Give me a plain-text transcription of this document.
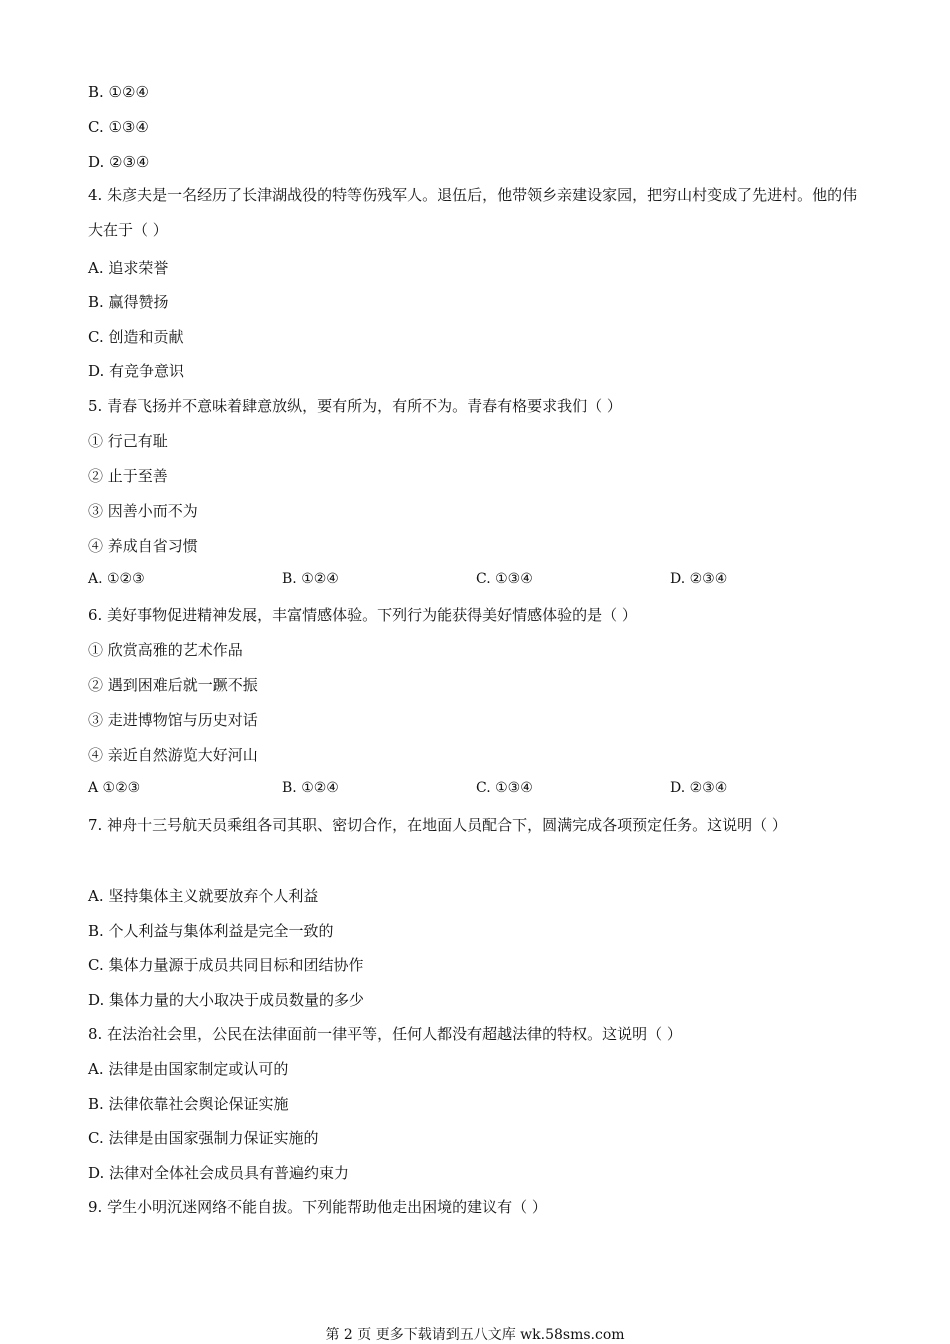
B. ①②④
C. ①③④
D. ②③④
4. 朱彦夫是一名经历了长津湖战役的特等伤残军人。退伍后，他带领乡亲建设家园，把穷山村变成了先进村。他的伟大在于（ ）
A. 追求荣誉
B. 赢得赞扬
C. 创造和贡献
D. 有竞争意识
5. 青春飞扬并不意味着肆意放纵，要有所为，有所不为。青春有格要求我们（ ）
① 行己有耻
② 止于至善
③ 因善小而不为
④ 养成自省习惯
A. ①②③	B. ①②④	C. ①③④	D. ②③④
6. 美好事物促进精神发展，丰富情感体验。下列行为能获得美好情感体验的是（ ）
① 欣赏高雅的艺术作品
② 遇到困难后就一蹶不振
③ 走进博物馆与历史对话
④ 亲近自然游览大好河山
A ①②③	B. ①②④	C. ①③④	D. ②③④
7. 神舟十三号航天员乘组各司其职、密切合作，在地面人员配合下，圆满完成各项预定任务。这说明（ ）
A. 坚持集体主义就要放弃个人利益
B. 个人利益与集体利益是完全一致的
C. 集体力量源于成员共同目标和团结协作
D. 集体力量的大小取决于成员数量的多少
8. 在法治社会里，公民在法律面前一律平等，任何人都没有超越法律的特权。这说明（ ）
A. 法律是由国家制定或认可的
B. 法律依靠社会舆论保证实施
C. 法律是由国家强制力保证实施的
D. 法律对全体社会成员具有普遍约束力
9. 学生小明沉迷网络不能自拔。下列能帮助他走出困境的建议有（ ）
第 2 页 更多下载请到五八文库 wk.58sms.com
